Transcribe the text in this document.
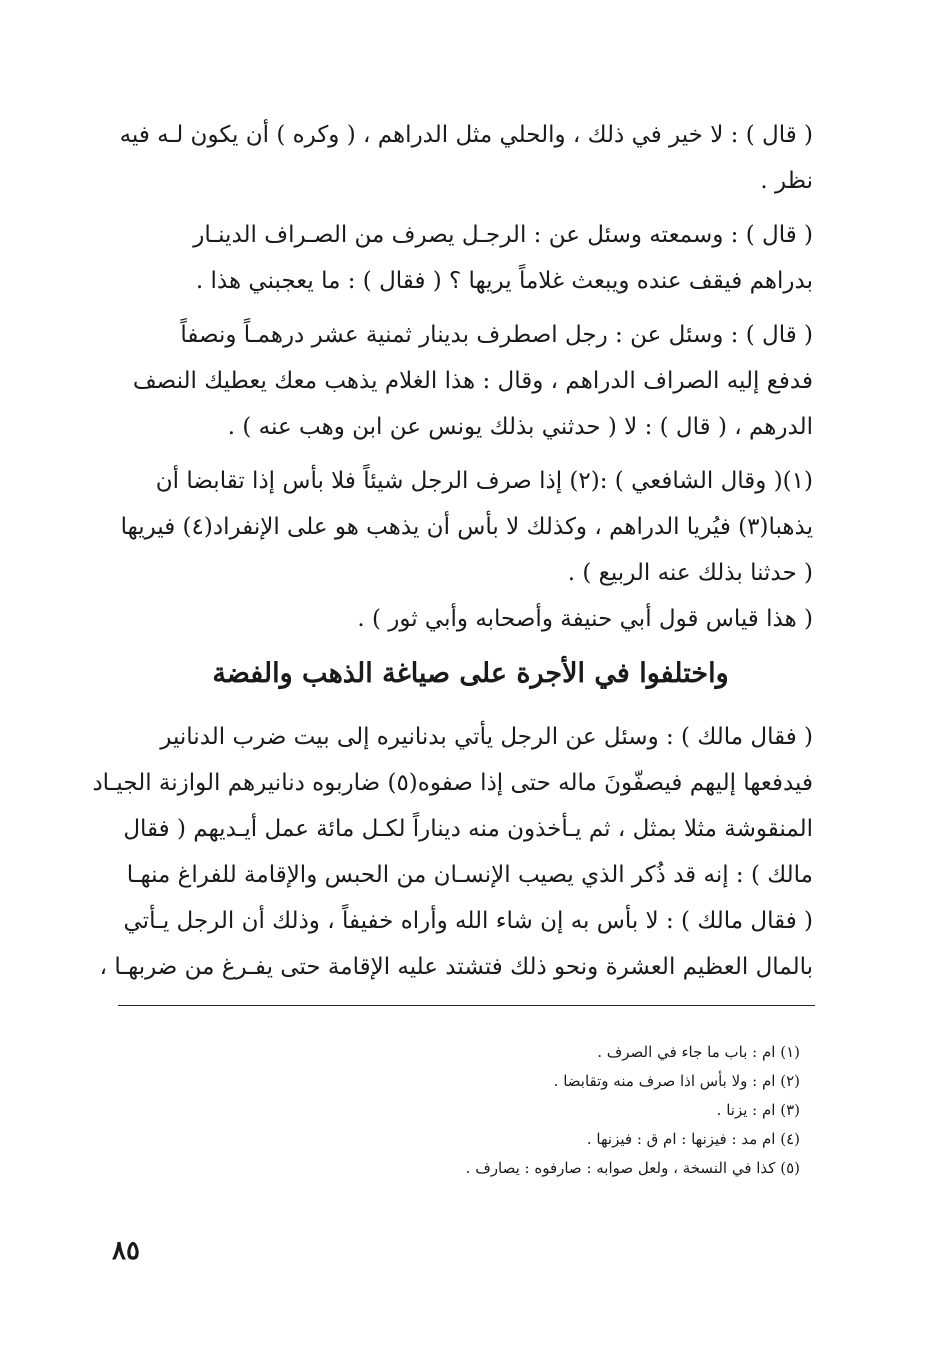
( قال ) : لا خير في ذلك ، والحلي مثل الدراهم ، ( وكره ) أن يكون لـه فيه
نظر .

( قال ) : وسمعته وسئل عن : الرجـل يصرف من الصـراف الدينـار
بدراهم فيقف عنده ويبعث غلاماً يريها ؟ ( فقال ) : ما يعجبني هذا .

( قال ) : وسئل عن : رجل اصطرف بدينار ثمنية عشر درهمـاً ونصفاً
فدفع إليه الصراف الدراهم ، وقال : هذا الغلام يذهب معك يعطيك النصف
الدرهم ، ( قال ) : لا ( حدثني بذلك يونس عن ابن وهب عنه ) .

(١)( وقال الشافعي ) :(٢) إذا صرف الرجل شيئاً فلا بأس إذا تقابضا أن
يذهبا(٣) فيُريا الدراهم ، وكذلك لا بأس أن يذهب هو على الإنفراد(٤) فيريها
( حدثنا بذلك عنه الربيع ) .
( هذا قياس قول أبي حنيفة وأصحابه وأبي ثور ) .

واختلفوا في الأجرة على صياغة الذهب والفضة

( فقال مالك ) : وسئل عن الرجل يأتي بدنانيره إلى بيت ضرب الدنانير
فيدفعها إليهم فيصفّونَ ماله حتى إذا صفوه(٥) ضاربوه دنانيرهم الوازنة الجيـاد
المنقوشة مثلا بمثل ، ثم يـأخذون منه ديناراً لكـل مائة عمل أيـديهم ( فقال
مالك ) : إنه قد ذُكر الذي يصيب الإنسـان من الحبس والإقامة للفراغ منهـا
( فقال مالك ) : لا بأس به إن شاء الله وأراه خفيفاً ، وذلك أن الرجل يـأتي
بالمال العظيم العشرة ونحو ذلك فتشتد عليه الإقامة حتى يفـرغ من ضربهـا ،

(١) ام : باب ما جاء في الصرف .
(٢) ام : ولا بأس اذا صرف منه وتقابضا .
(٣) ام : يزنا .
(٤) ام مد : فيزنها : ام ق : فيزنها .
(٥) كذا في النسخة ، ولعل صوابه : صارفوه : يصارف .
٨٥
